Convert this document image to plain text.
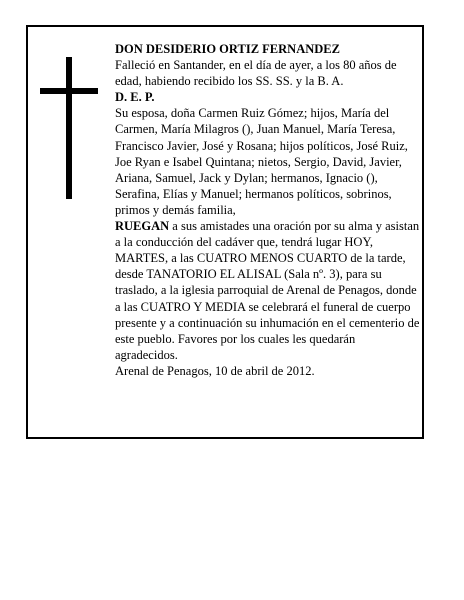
DON DESIDERIO ORTIZ FERNANDEZ

Falleció en Santander, en el día de ayer, a los 80 años de edad, habiendo recibido los SS. SS. y la B. A.

D. E. P.

Su esposa, doña Carmen Ruiz Gómez; hijos, María del Carmen, María Milagros (), Juan Manuel, María Teresa, Francisco Javier, José y Rosana; hijos políticos, José Ruiz, Joe Ryan e Isabel Quintana; nietos, Sergio, David, Javier, Ariana, Samuel, Jack y Dylan; hermanos, Ignacio (), Serafina, Elías y Manuel; hermanos políticos, sobrinos, primos y demás familia,

RUEGAN a sus amistades una oración por su alma y asistan a la conducción del cadáver que, tendrá lugar HOY, MARTES, a las CUATRO MENOS CUARTO de la tarde, desde TANATORIO EL ALISAL (Sala nº. 3), para su traslado, a la iglesia parroquial de Arenal de Penagos, donde a las CUATRO Y MEDIA se celebrará el funeral de cuerpo presente y a continuación su inhumación en el cementerio de este pueblo. Favores por los cuales les quedarán agradecidos.

Arenal de Penagos, 10 de abril de 2012.
